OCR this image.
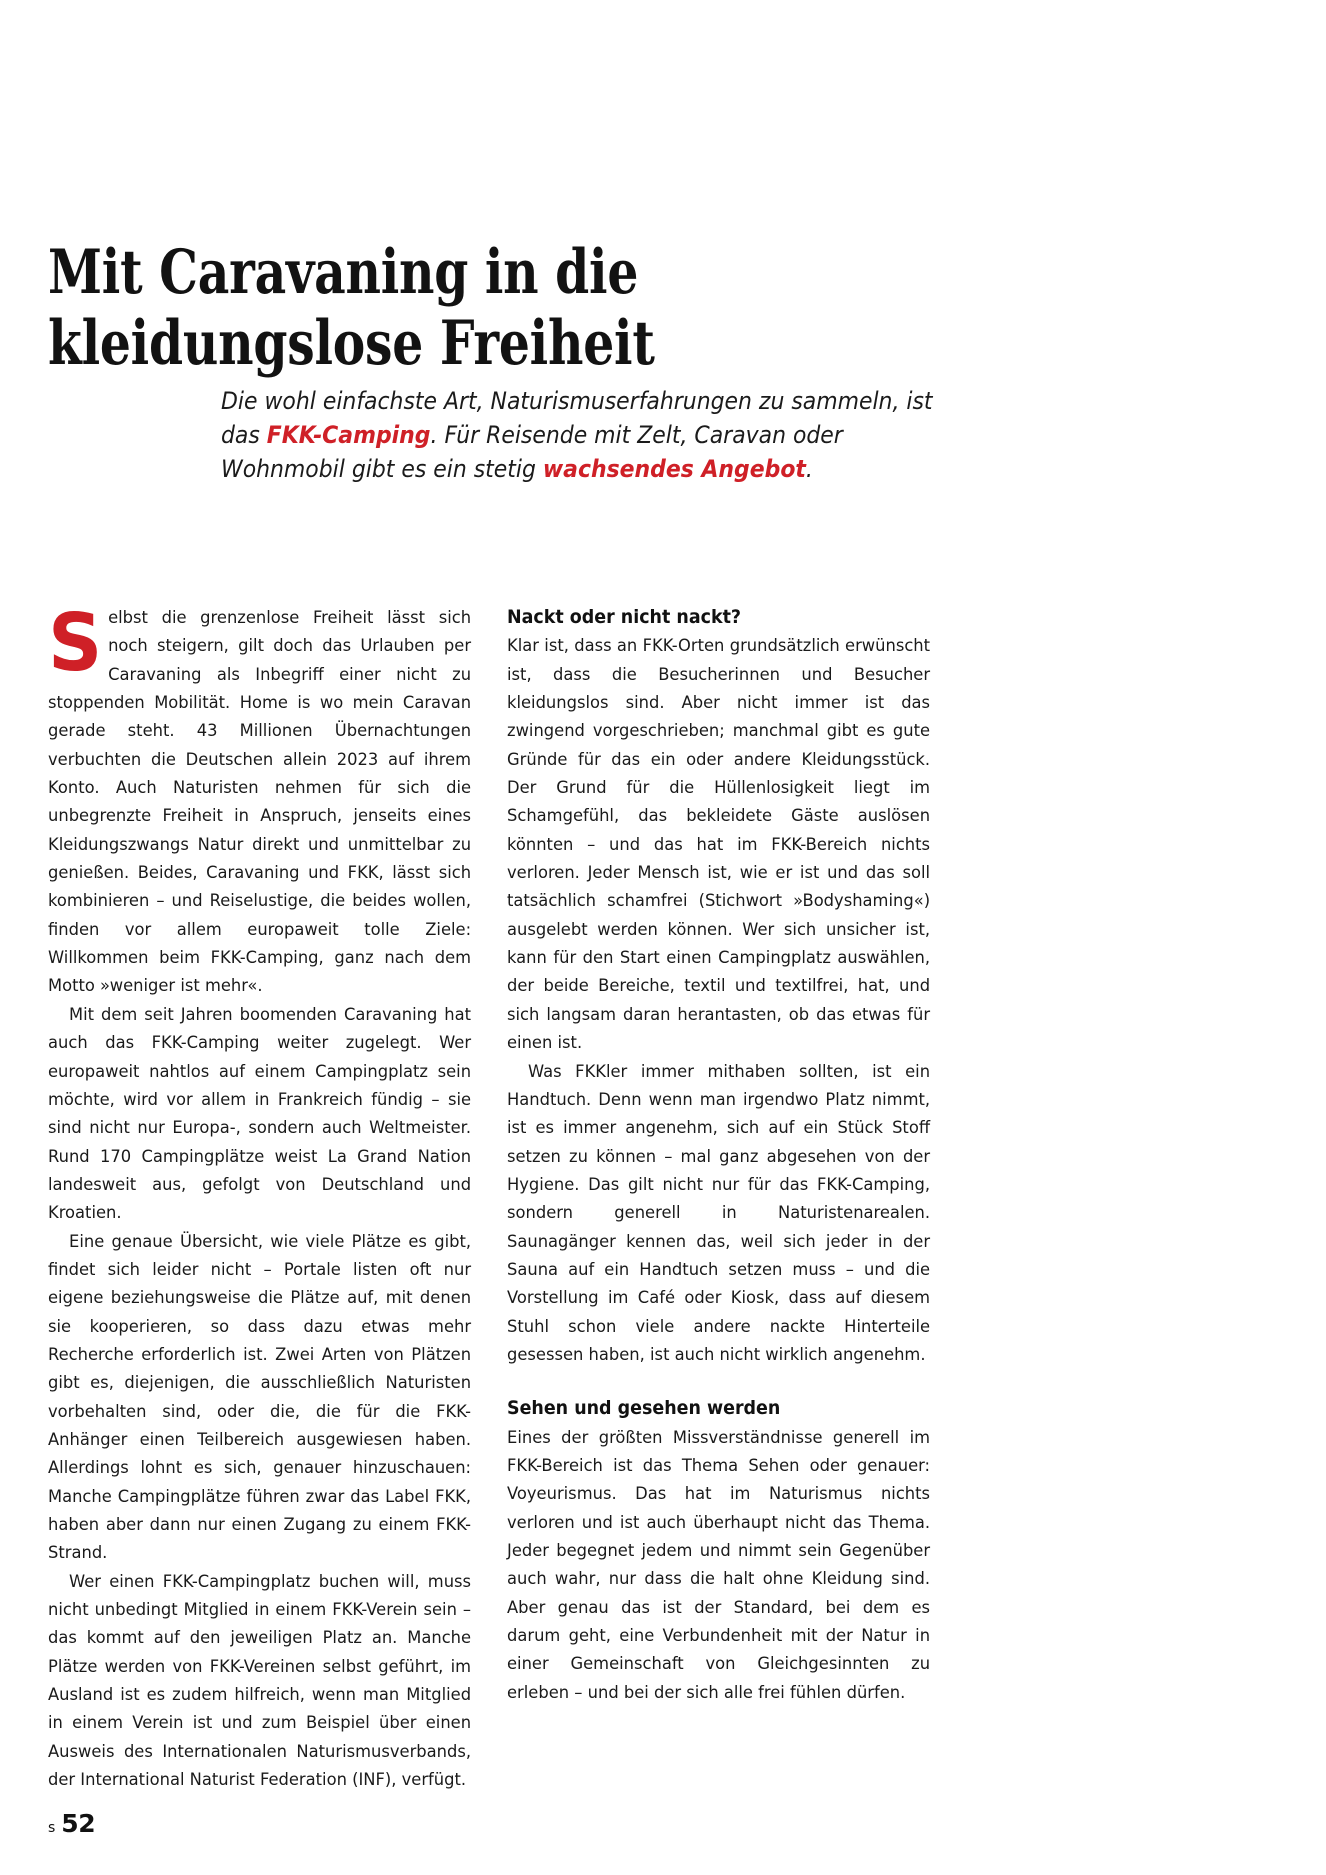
Mit Caravaning in die
kleidungslose Freiheit

Die wohl einfachste Art, Naturismuserfahrungen zu sammeln, ist das FKK-Camping. Für Reisende mit Zelt, Caravan oder Wohnmobil gibt es ein stetig wachsendes Angebot.

Selbst die grenzenlose Freiheit lässt sich noch steigern, gilt doch das Urlauben per Caravaning als Inbegriff einer nicht zu stoppenden Mobilität. Home is wo mein Caravan gerade steht. 43 Millionen Übernachtungen verbuchten die Deutschen allein 2023 auf ihrem Konto. Auch Naturisten nehmen für sich die unbegrenzte Freiheit in Anspruch, jenseits eines Kleidungszwangs Natur direkt und unmittelbar zu genießen. Beides, Caravaning und FKK, lässt sich kombinieren – und Reiselustige, die beides wollen, finden vor allem europaweit tolle Ziele: Willkommen beim FKK-Camping, ganz nach dem Motto »weniger ist mehr«.

Mit dem seit Jahren boomenden Caravaning hat auch das FKK-Camping weiter zugelegt. Wer europaweit nahtlos auf einem Campingplatz sein möchte, wird vor allem in Frankreich fündig – sie sind nicht nur Europa-, sondern auch Weltmeister. Rund 170 Campingplätze weist La Grand Nation landesweit aus, gefolgt von Deutschland und Kroatien.

Eine genaue Übersicht, wie viele Plätze es gibt, findet sich leider nicht – Portale listen oft nur eigene beziehungsweise die Plätze auf, mit denen sie kooperieren, so dass dazu etwas mehr Recherche erforderlich ist. Zwei Arten von Plätzen gibt es, diejenigen, die ausschließlich Naturisten vorbehalten sind, oder die, die für die FKK-Anhänger einen Teilbereich ausgewiesen haben. Allerdings lohnt es sich, genauer hinzuschauen: Manche Campingplätze führen zwar das Label FKK, haben aber dann nur einen Zugang zu einem FKK-Strand.

Wer einen FKK-Campingplatz buchen will, muss nicht unbedingt Mitglied in einem FKK-Verein sein – das kommt auf den jeweiligen Platz an. Manche Plätze werden von FKK-Vereinen selbst geführt, im Ausland ist es zudem hilfreich, wenn man Mitglied in einem Verein ist und zum Beispiel über einen Ausweis des Internationalen Naturismusverbands, der International Naturist Federation (INF), verfügt.

Nackt oder nicht nackt?

Klar ist, dass an FKK-Orten grundsätzlich erwünscht ist, dass die Besucherinnen und Besucher kleidungslos sind. Aber nicht immer ist das zwingend vorgeschrieben; manchmal gibt es gute Gründe für das ein oder andere Kleidungsstück. Der Grund für die Hüllenlosigkeit liegt im Schamgefühl, das bekleidete Gäste auslösen könnten – und das hat im FKK-Bereich nichts verloren. Jeder Mensch ist, wie er ist und das soll tatsächlich schamfrei (Stichwort »Bodyshaming«) ausgelebt werden können. Wer sich unsicher ist, kann für den Start einen Campingplatz auswählen, der beide Bereiche, textil und textilfrei, hat, und sich langsam daran herantasten, ob das etwas für einen ist.

Was FKKler immer mithaben sollten, ist ein Handtuch. Denn wenn man irgendwo Platz nimmt, ist es immer angenehm, sich auf ein Stück Stoff setzen zu können – mal ganz abgesehen von der Hygiene. Das gilt nicht nur für das FKK-Camping, sondern generell in Naturistenarealen. Saunagänger kennen das, weil sich jeder in der Sauna auf ein Handtuch setzen muss – und die Vorstellung im Café oder Kiosk, dass auf diesem Stuhl schon viele andere nackte Hinterteile gesessen haben, ist auch nicht wirklich angenehm.

Sehen und gesehen werden

Eines der größten Missverständnisse generell im FKK-Bereich ist das Thema Sehen oder genauer: Voyeurismus. Das hat im Naturismus nichts verloren und ist auch überhaupt nicht das Thema. Jeder begegnet jedem und nimmt sein Gegenüber auch wahr, nur dass die halt ohne Kleidung sind. Aber genau das ist der Standard, bei dem es darum geht, eine Verbundenheit mit der Natur in einer Gemeinschaft von Gleichgesinnten zu erleben – und bei der sich alle frei fühlen dürfen.

s 52
